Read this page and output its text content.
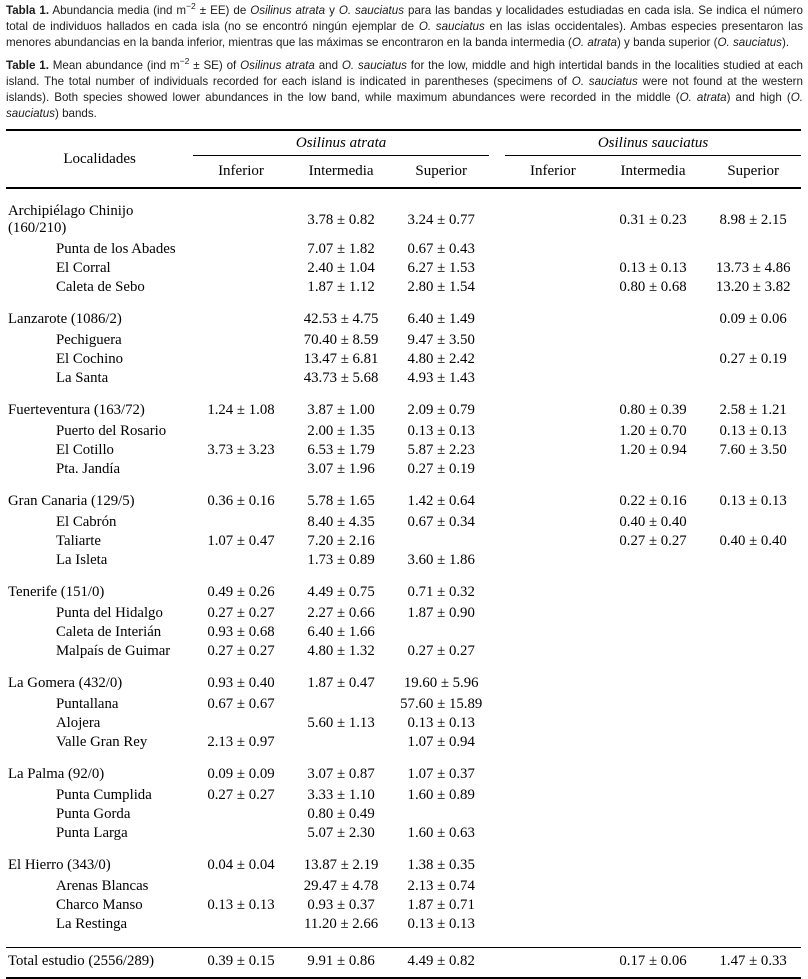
Tabla 1. Abundancia media (ind $m^{-2} \pm EE$) de Osilinus atrata y O. sauciatus para las bandas y localidades estudiadas en cada isla. Se indica el número total de individuos hallados en cada isla (no se encontró ningún ejemplar de O. sauciatus en las islas occidentales). Ambas especies presentaron las menores abundancias en la banda inferior, mientras que las máximas se encontraron en la banda intermedia (O. atrata) y banda superior (O. sauciatus).

Table 1. Mean abundance (ind $m^{-2} \pm SE$) of Osilinus atrata and O. sauciatus for the low, middle and high intertidal bands in the localities studied at each island. The total number of individuals recorded for each island is indicated in parentheses (specimens of O. sauciatus were not found at the western islands). Both species showed lower abundances in the low band, while maximum abundances were recorded in the middle (O. atrata) and high (O. sauciatus) bands.

Localidades	Osilinus atrata				Osilinus sauciatus		
	Inferior	Intermedia	Superior		Inferior	Intermedia	Superior
Archipiélago Chinijo (160/210)		3.78 ± 0.82	3.24 ± 0.77			0.31 ± 0.23	8.98 ± 2.15
Punta de los Abades		7.07 ± 1.82	0.67 ± 0.43				
El Corral		2.40 ± 1.04	6.27 ± 1.53			0.13 ± 0.13	13.73 ± 4.86
Caleta de Sebo		1.87 ± 1.12	2.80 ± 1.54			0.80 ± 0.68	13.20 ± 3.82
Lanzarote (1086/2)		42.53 ± 4.75	6.40 ± 1.49				0.09 ± 0.06
Pechiguera		70.40 ± 8.59	9.47 ± 3.50				
El Cochino		13.47 ± 6.81	4.80 ± 2.42				0.27 ± 0.19
La Santa		43.73 ± 5.68	4.93 ± 1.43				
Fuerteventura (163/72)	1.24 ± 1.08	3.87 ± 1.00	2.09 ± 0.79			0.80 ± 0.39	2.58 ± 1.21
Puerto del Rosario		2.00 ± 1.35	0.13 ± 0.13			1.20 ± 0.70	0.13 ± 0.13
El Cotillo	3.73 ± 3.23	6.53 ± 1.79	5.87 ± 2.23			1.20 ± 0.94	7.60 ± 3.50
Pta. Jandía		3.07 ± 1.96	0.27 ± 0.19				
Gran Canaria (129/5)	0.36 ± 0.16	5.78 ± 1.65	1.42 ± 0.64			0.22 ± 0.16	0.13 ± 0.13
El Cabrón		8.40 ± 4.35	0.67 ± 0.34			0.40 ± 0.40	
Taliarte	1.07 ± 0.47	7.20 ± 2.16				0.27 ± 0.27	0.40 ± 0.40
La Isleta		1.73 ± 0.89	3.60 ± 1.86				
Tenerife (151/0)	0.49 ± 0.26	4.49 ± 0.75	0.71 ± 0.32				
Punta del Hidalgo	0.27 ± 0.27	2.27 ± 0.66	1.87 ± 0.90				
Caleta de Interián	0.93 ± 0.68	6.40 ± 1.66					
Malpaís de Guimar	0.27 ± 0.27	4.80 ± 1.32	0.27 ± 0.27				
La Gomera (432/0)	0.93 ± 0.40	1.87 ± 0.47	19.60 ± 5.96				
Puntallana	0.67 ± 0.67		57.60 ± 15.89				
Alojera		5.60 ± 1.13	0.13 ± 0.13				
Valle Gran Rey	2.13 ± 0.97		1.07 ± 0.94				
La Palma (92/0)	0.09 ± 0.09	3.07 ± 0.87	1.07 ± 0.37				
Punta Cumplida	0.27 ± 0.27	3.33 ± 1.10	1.60 ± 0.89				
Punta Gorda		0.80 ± 0.49					
Punta Larga		5.07 ± 2.30	1.60 ± 0.63				
El Hierro (343/0)	0.04 ± 0.04	13.87 ± 2.19	1.38 ± 0.35				
Arenas Blancas		29.47 ± 4.78	2.13 ± 0.74				
Charco Manso	0.13 ± 0.13	0.93 ± 0.37	1.87 ± 0.71				
La Restinga		11.20 ± 2.66	0.13 ± 0.13				

Total estudio (2556/289)	0.39 ± 0.15	9.91 ± 0.86	4.49 ± 0.82			0.17 ± 0.06	1.47 ± 0.33
